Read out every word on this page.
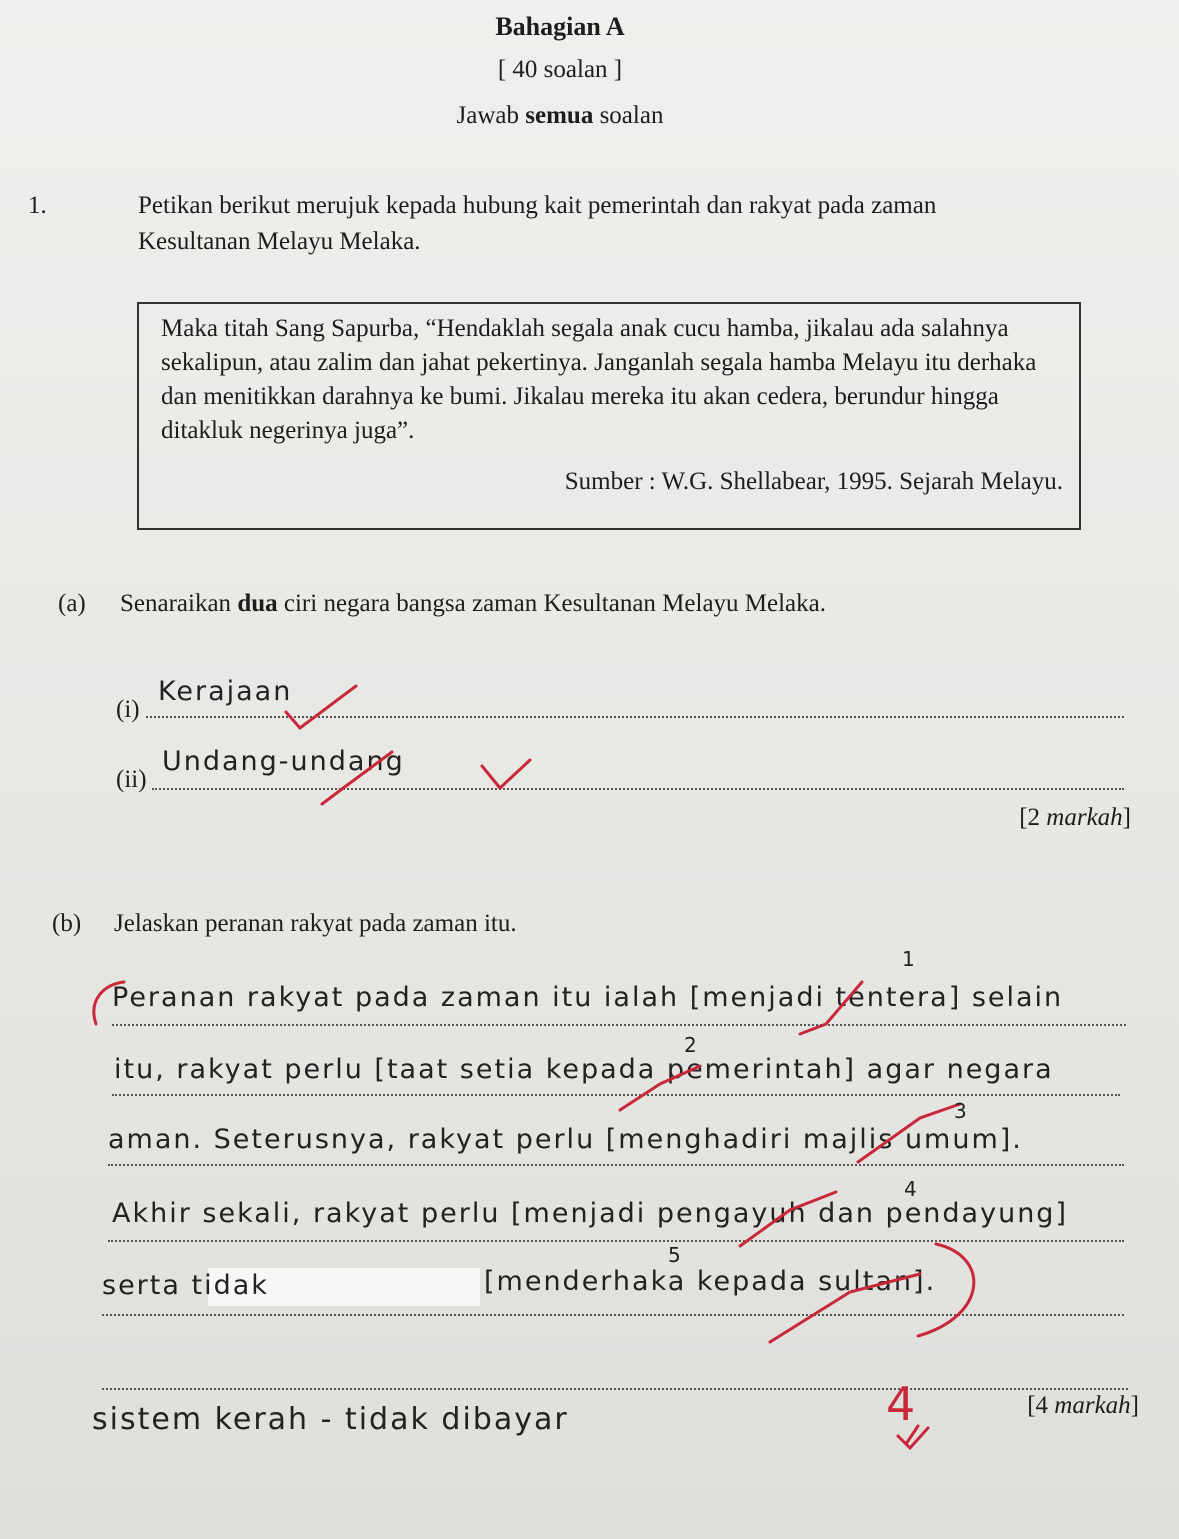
Bahagian A
[ 40 soalan ]
Jawab semua soalan
1.	Petikan berikut merujuk kepada hubung kait pemerintah dan rakyat pada zaman Kesultanan Melayu Melaka.
Maka titah Sang Sapurba, “Hendaklah segala anak cucu hamba, jikalau ada salahnya sekalipun, atau zalim dan jahat pekertinya. Janganlah segala hamba Melayu itu derhaka dan menitikkan darahnya ke bumi. Jikalau mereka itu akan cedera, berundur hingga ditakluk negerinya juga”.
Sumber : W.G. Shellabear, 1995. Sejarah Melayu.
(a) Senaraikan dua ciri negara bangsa zaman Kesultanan Melayu Melaka.
(i)
Kerajaan
(ii)
Undang-undang
[2 markah]
(b) Jelaskan peranan rakyat pada zaman itu.
Peranan rakyat pada zaman itu ialah [menjadi tentera] selain
itu, rakyat perlu [taat setia kepada pemerintah] agar negara
aman. Seterusnya, rakyat perlu [menghadiri majlis umum].
Akhir sekali, rakyat perlu [menjadi pengayuh dan pendayung]
serta tidak	[menderhaka kepada sultan].
sistem kerah - tidak dibayar	[4 markah]
4
1
2
3
4
5
